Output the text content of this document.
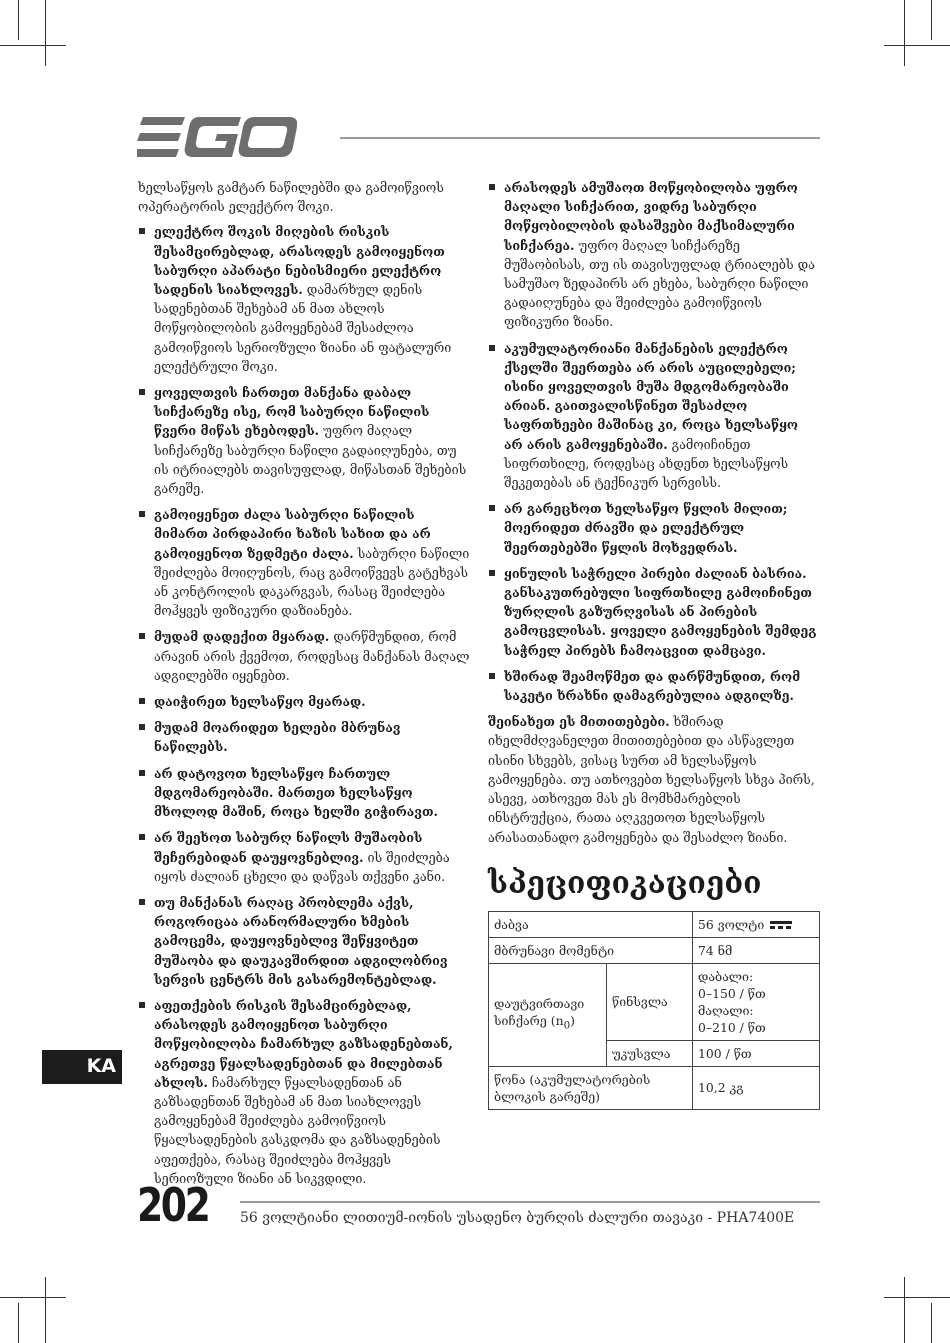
ხელსაწყოს გამტარ ნაწილებში და გამოიწვიოს ოპერატორის ელექტრო შოკი.

ელექტრო შოკის მიღების რისკის შესამცირებლად, არასოდეს გამოიყენოთ საბურღი აპარატი ნებისმიერი ელექტრო სადენის სიახლოვეს. დამარხულ დენის სადენებთან შეხებამ ან მათ ახლოს მოწყობილობის გამოყენებამ შესაძლოა გამოიწვიოს სერიოზული ზიანი ან ფატალური ელექტრული შოკი.
ყოველთვის ჩართეთ მანქანა დაბალ სიჩქარეზე ისე, რომ საბურღი ნაწილის წვერი მიწას ეხებოდეს. უფრო მაღალ სიჩქარეზე საბურღი ნაწილი გადაიღუნება, თუ ის იტრიალებს თავისუფლად, მიწასთან შეხების გარეშე.
გამოიყენეთ ძალა საბურღი ნაწილის მიმართ პირდაპირი ხაზის სახით და არ გამოიყენოთ ზედმეტი ძალა. საბურღი ნაწილი შეიძლება მოიღუნოს, რაც გამოიწვევს გატეხვას ან კონტროლის დაკარგვას, რასაც შეიძლება მოჰყვეს ფიზიკური დაზიანება.
მუდამ დადექით მყარად. დარწმუნდით, რომ არავინ არის ქვემოთ, როდესაც მანქანას მაღალ ადგილებში იყენებთ.
დაიჭირეთ ხელსაწყო მყარად.
მუდამ მოარიდეთ ხელები მბრუნავ ნაწილებს.
არ დატოვოთ ხელსაწყო ჩართულ მდგომარეობაში. მართეთ ხელსაწყო მხოლოდ მაშინ, როცა ხელში გიჭირავთ.
არ შეეხოთ საბურღ ნაწილს მუშაობის შეჩერებიდან დაუყოვნებლივ. ის შეიძლება იყოს ძალიან ცხელი და დაწვას თქვენი კანი.
თუ მანქანას რაღაც პრობლემა აქვს, როგორიცაა არანორმალური ხმების გამოცემა, დაუყოვნებლივ შეწყვიტეთ მუშაობა და დაუკავშირდით ადგილობრივ სერვის ცენტრს მის გასარემონტებლად.
აფეთქების რისკის შესამცირებლად, არასოდეს გამოიყენოთ საბურღი მოწყობილობა ჩამარხულ გაზსადენებთან, აგრეთვე წყალსადენებთან და მილებთან ახლოს. ჩამარხულ წყალსადენთან ან გაზსადენთან შეხებამ ან მათ სიახლოვეს გამოყენებამ შეიძლება გამოიწვიოს წყალსადენების გასკდომა და გაზსადენების აფეთქება, რასაც შეიძლება მოჰყვეს სერიოზული ზიანი ან სიკვდილი.
არასოდეს ამუშაოთ მოწყობილობა უფრო მაღალი სიჩქარით, ვიდრე საბურღი მოწყობილობის დასაშვები მაქსიმალური სიჩქარეა. უფრო მაღალ სიჩქარეზე მუშაობისას, თუ ის თავისუფლად ტრიალებს და სამუშაო ზედაპირს არ ეხება, საბურღი ნაწილი გადაიღუნება და შეიძლება გამოიწვიოს ფიზიკური ზიანი.
აკუმულატორიანი მანქანების ელექტრო ქსელში შეერთება არ არის აუცილებელი; ისინი ყოველთვის მუშა მდგომარეობაში არიან. გაითვალისწინეთ შესაძლო საფრთხეები მაშინაც კი, როცა ხელსაწყო არ არის გამოყენებაში. გამოიჩინეთ სიფრთხილე, როდესაც ახდენთ ხელსაწყოს შეკეთებას ან ტექნიკურ სერვისს.
არ გარეცხოთ ხელსაწყო წყლის მილით; მოერიდეთ ძრავში და ელექტრულ შეერთებებში წყლის მოხვედრას.
ყინულის საჭრელი პირები ძალიან ბასრია. განსაკუთრებული სიფრთხილე გამოიჩინეთ ზურღლის გაზურღვისას ან პირების გამოცვლისას. ყოველი გამოყენების შემდეგ საჭრელ პირებს ჩამოაცვით დამცავი.
ხშირად შეამოწმეთ და დარწმუნდით, რომ საკეტი ხრახნი დამაგრებულია ადგილზე.

შეინახეთ ეს მითითებები. ხშირად იხელმძღვანელეთ მითითებებით და ასწავლეთ ისინი სხვებს, ვისაც სურთ ამ ხელსაწყოს გამოყენება. თუ ათხოვებთ ხელსაწყოს სხვა პირს, ასევე, ათხოვეთ მას ეს მომხმარებლის ინსტრუქცია, რათა აღკვეთოთ ხელსაწყოს არასათანადო გამოყენება და შესაძლო ზიანი.

სპეციფიკაციები
ძაბვა		56 ვოლტი

მბრუნავი მომენტი		74 ნმ
დაუტვირთავი სიჩქარე $(n_0)$	წინსვლა	დაბალი:
0–150 / წთ
მაღალი:
0–210 / წთ

	უკუსვლა	100 / წთ
წონა (აკუმულატორების ბლოკის გარეშე)		10,2 კგ
KA
202 56 ვოლტიანი ლითიუმ-იონის უსადენო ბურღის ძალური თავაკი - PHA7400E
